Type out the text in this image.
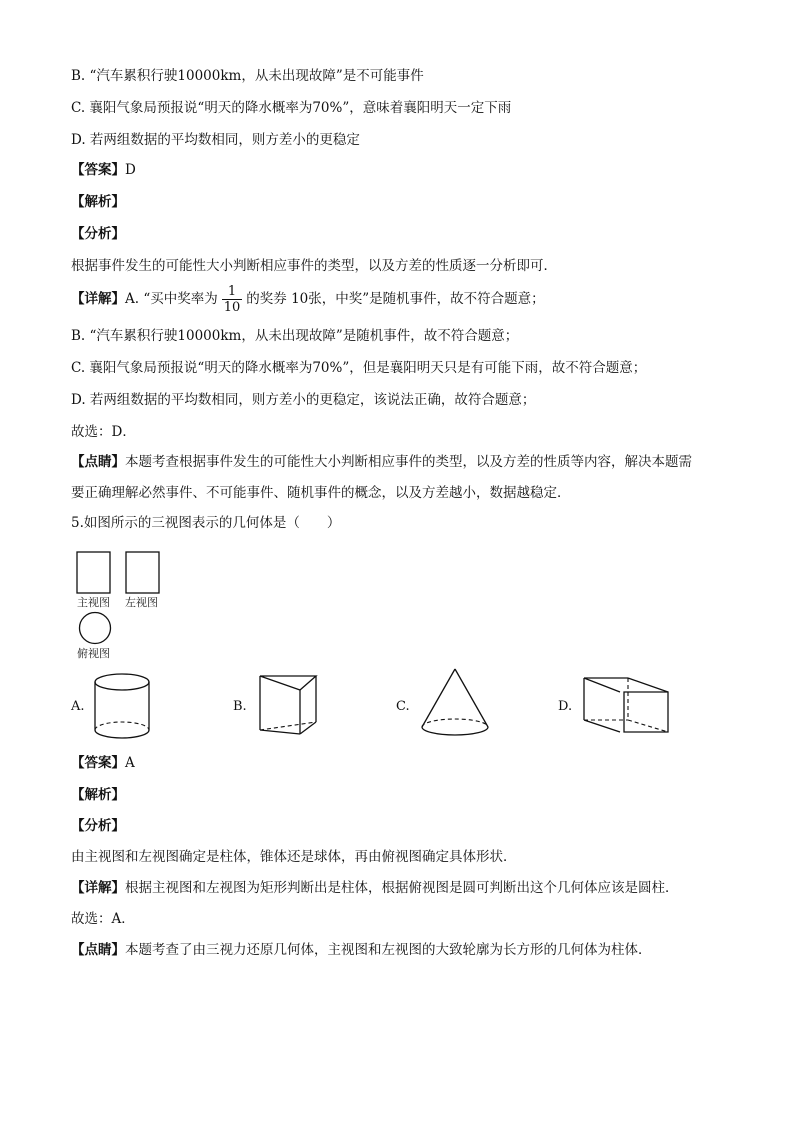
B. “汽车累积行驶10000km，从未出现故障”是不可能事件
C. 襄阳气象局预报说“明天的降水概率为70%”，意味着襄阳明天一定下雨
D. 若两组数据的平均数相同，则方差小的更稳定
【答案】D
【解析】
【分析】
根据事件发生的可能性大小判断相应事件的类型，以及方差的性质逐一分析即可．
【详解】A. “买中奖率为 $\frac{1}{10}$ 的奖券 10张，中奖”是随机事件，故不符合题意；
B. “汽车累积行驶10000km，从未出现故障”是随机事件，故不符合题意；
C. 襄阳气象局预报说“明天的降水概率为70%”，但是襄阳明天只是有可能下雨，故不符合题意；
D. 若两组数据的平均数相同，则方差小的更稳定，该说法正确，故符合题意；
故选：D．
【点睛】本题考查根据事件发生的可能性大小判断相应事件的类型，以及方差的性质等内容，解决本题需
要正确理解必然事件、不可能事件、随机事件的概念，以及方差越小，数据越稳定．
5.如图所示的三视图表示的几何体是（　　）
主视图 左视图
俯视图
A.	B.	C.	D.
【答案】A
【解析】
【分析】
由主视图和左视图确定是柱体，锥体还是球体，再由俯视图确定具体形状．
【详解】根据主视图和左视图为矩形判断出是柱体，根据俯视图是圆可判断出这个几何体应该是圆柱．
故选：A．
【点睛】本题考查了由三视力还原几何体，主视图和左视图的大致轮廓为长方形的几何体为柱体．
